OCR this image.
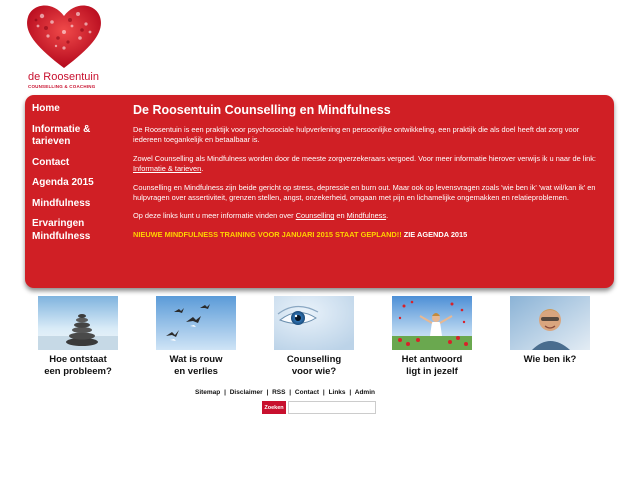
de Roosentuin
COUNSELLING & COACHING
Home
Informatie & tarieven
Contact
Agenda 2015
Mindfulness
Ervaringen Mindfulness
De Roosentuin Counselling en Mindfulness

De Roosentuin is een praktijk voor psychosociale hulpverlening en persoonlijke ontwikkeling, een praktijk die als doel heeft dat zorg voor iedereen toegankelijk en betaalbaar is.

Zowel Counselling als Mindfulness worden door de meeste zorgverzekeraars vergoed. Voor meer informatie hierover verwijs ik u naar de link: Informatie & tarieven.

Counselling en Mindfulness zijn beide gericht op stress, depressie en burn out. Maar ook op levensvragen zoals 'wie ben ik' 'wat wil/kan ik' en hulpvragen over assertiviteit, grenzen stellen, angst, onzekerheid, omgaan met pijn en lichamelijke ongemakken en relatieproblemen.

Op deze links kunt u meer informatie vinden over Counselling en Mindfulness.

NIEUWE MINDFULNESS TRAINING VOOR JANUARI 2015 STAAT GEPLAND!! ZIE AGENDA 2015

Hoe ontstaat
een probleem?
Wat is rouw
en verlies
Counselling
voor wie?
Het antwoord
ligt in jezelf
Wie ben ik?
Sitemap | Disclaimer | RSS | Contact | Links | Admin
Zoeken
